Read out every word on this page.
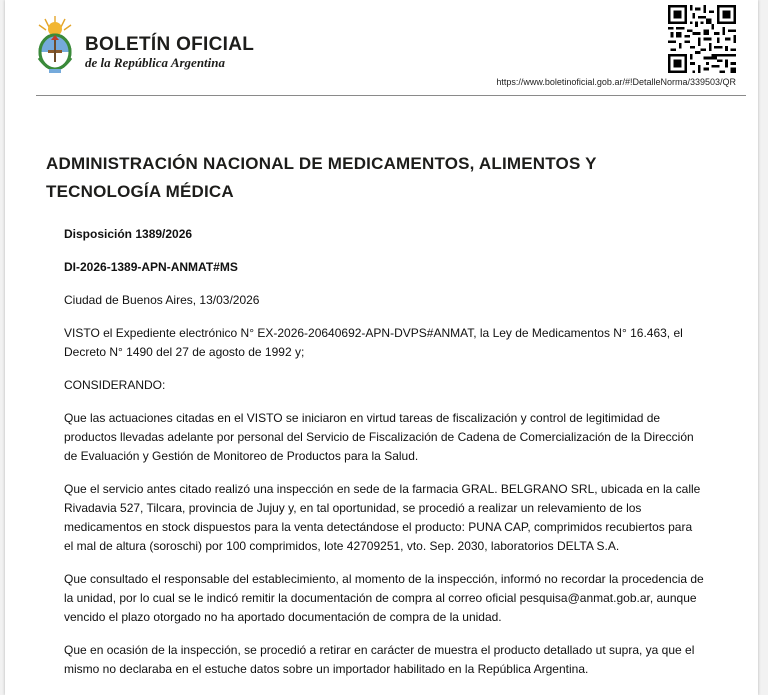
BOLETÍN OFICIAL
de la República Argentina
https://www.boletinoficial.gob.ar/#!DetalleNorma/339503/QR
ADMINISTRACIÓN NACIONAL DE MEDICAMENTOS, ALIMENTOS Y TECNOLOGÍA MÉDICA

Disposición 1389/2026

DI-2026-1389-APN-ANMAT#MS

Ciudad de Buenos Aires, 13/03/2026

VISTO el Expediente electrónico N° EX-2026-20640692-APN-DVPS#ANMAT, la Ley de Medicamentos N° 16.463, el Decreto N° 1490 del 27 de agosto de 1992 y;

CONSIDERANDO:

Que las actuaciones citadas en el VISTO se iniciaron en virtud tareas de fiscalización y control de legitimidad de productos llevadas adelante por personal del Servicio de Fiscalización de Cadena de Comercialización de la Dirección de Evaluación y Gestión de Monitoreo de Productos para la Salud.

Que el servicio antes citado realizó una inspección en sede de la farmacia GRAL. BELGRANO SRL, ubicada en la calle Rivadavia 527, Tilcara, provincia de Jujuy y, en tal oportunidad, se procedió a realizar un relevamiento de los medicamentos en stock dispuestos para la venta detectándose el producto: PUNA CAP, comprimidos recubiertos para el mal de altura (soroschi) por 100 comprimidos, lote 42709251, vto. Sep. 2030, laboratorios DELTA S.A.

Que consultado el responsable del establecimiento, al momento de la inspección, informó no recordar la procedencia de la unidad, por lo cual se le indicó remitir la documentación de compra al correo oficial pesquisa@anmat.gob.ar, aunque vencido el plazo otorgado no ha aportado documentación de compra de la unidad.

Que en ocasión de la inspección, se procedió a retirar en carácter de muestra el producto detallado ut supra, ya que el mismo no declaraba en el estuche datos sobre un importador habilitado en la República Argentina.
